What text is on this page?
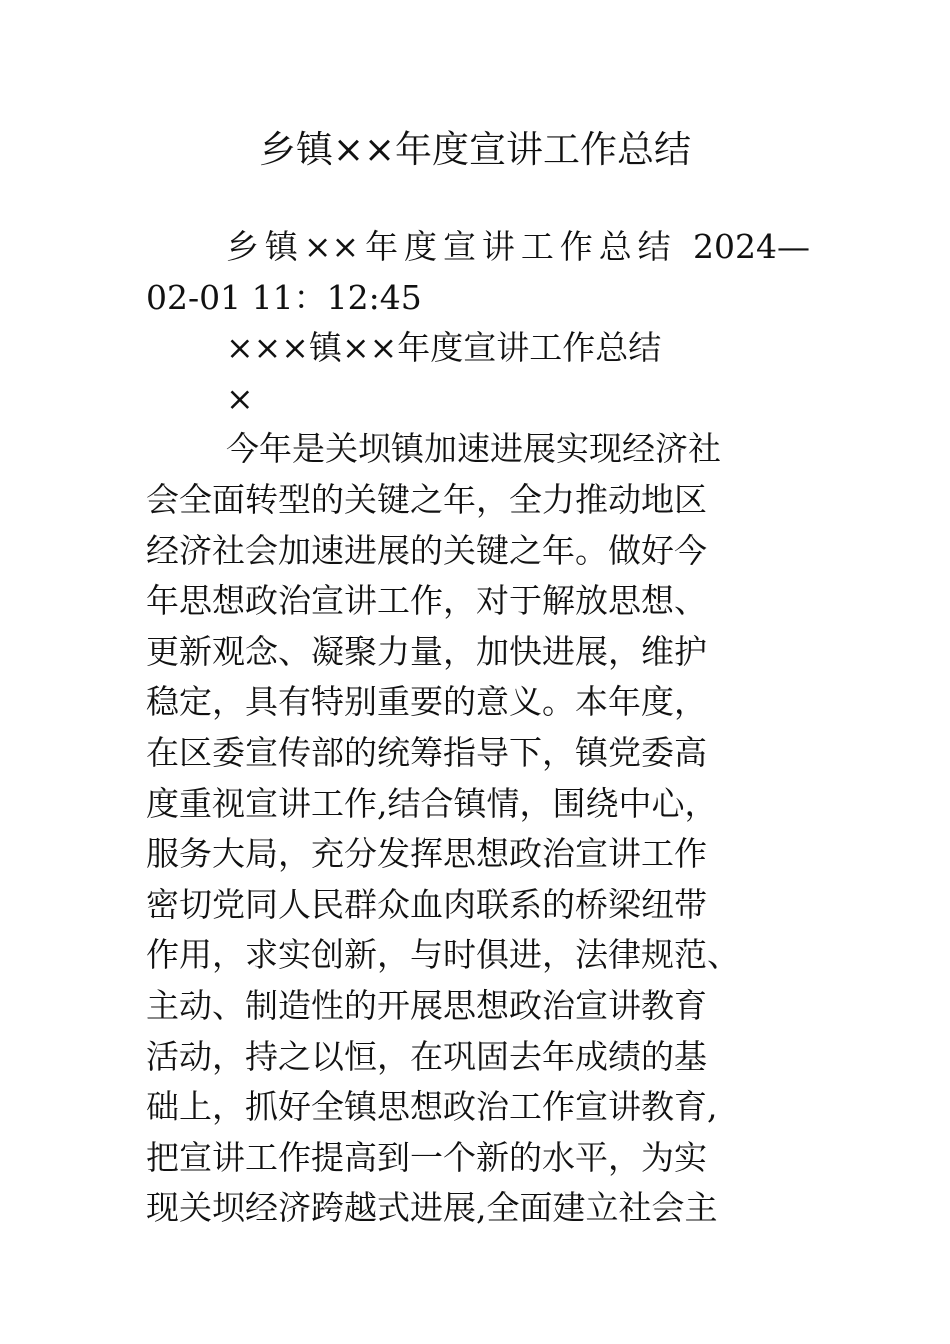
乡镇××年度宣讲工作总结
乡镇××年度宣讲工作总结 2024—
02-01 11：12:45
×××镇××年度宣讲工作总结
×
今年是关坝镇加速进展实现经济社
会全面转型的关键之年，全力推动地区
经济社会加速进展的关键之年。做好今
年思想政治宣讲工作，对于解放思想、
更新观念、凝聚力量，加快进展，维护
稳定，具有特别重要的意义。本年度，
在区委宣传部的统筹指导下，镇党委高
度重视宣讲工作,结合镇情，围绕中心，
服务大局，充分发挥思想政治宣讲工作
密切党同人民群众血肉联系的桥梁纽带
作用，求实创新，与时俱进，法律规范、
主动、制造性的开展思想政治宣讲教育
活动，持之以恒，在巩固去年成绩的基
础上，抓好全镇思想政治工作宣讲教育,
把宣讲工作提高到一个新的水平，为实
现关坝经济跨越式进展,全面建立社会主
